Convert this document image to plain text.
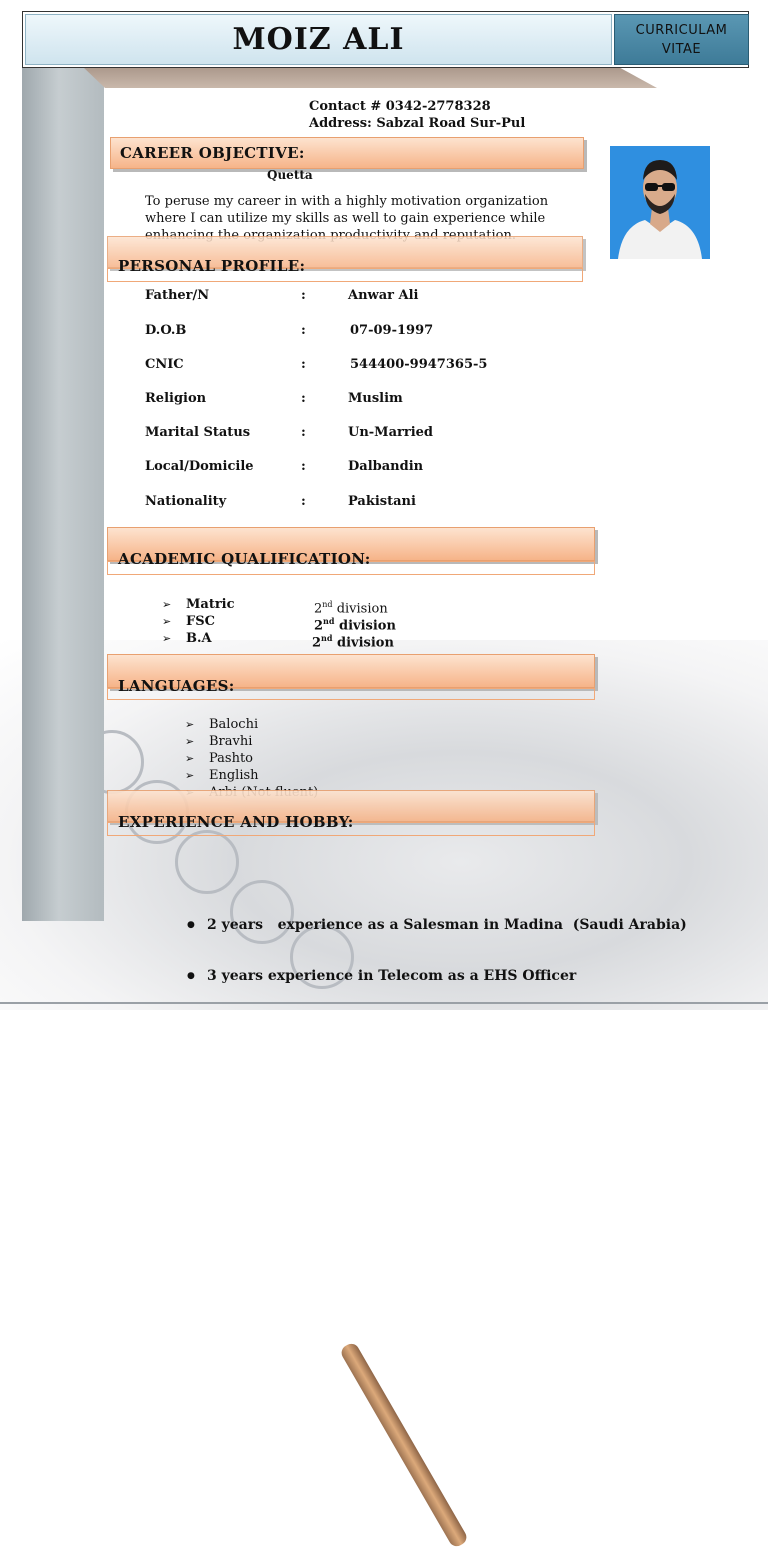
MOIZ ALI	CURRICULAM
VITAE
Contact # 0342-2778328
Address: Sabzal Road Sur-Pul
CAREER OBJECTIVE:
Quetta
To peruse my career in with a highly motivation organization
where I can utilize my skills as well to gain experience while
PERSONAL PROFILE:
Father/N	:	Anwar Ali
D.O.B	:	07-09-1997
CNIC	:	544400-9947365-5
Religion	:	Muslim
Marital Status	:	Un-Married
Local/Domicile	:	Dalbandin
Nationality	:	Pakistani
ACADEMIC QUALIFICATION:
➢ Matric	2nd division
➢ FSC	2nd division
➢ B.A	2nd division
LANGUAGES:
➢ Balochi
➢ Bravhi
➢ Pashto
➢ English
➢
EXPERIENCE AND HOBBY:

● 2 years   experience as a Salesman in Madina  (Saudi Arabia)

● 3 years experience in Telecom as a EHS Officer
